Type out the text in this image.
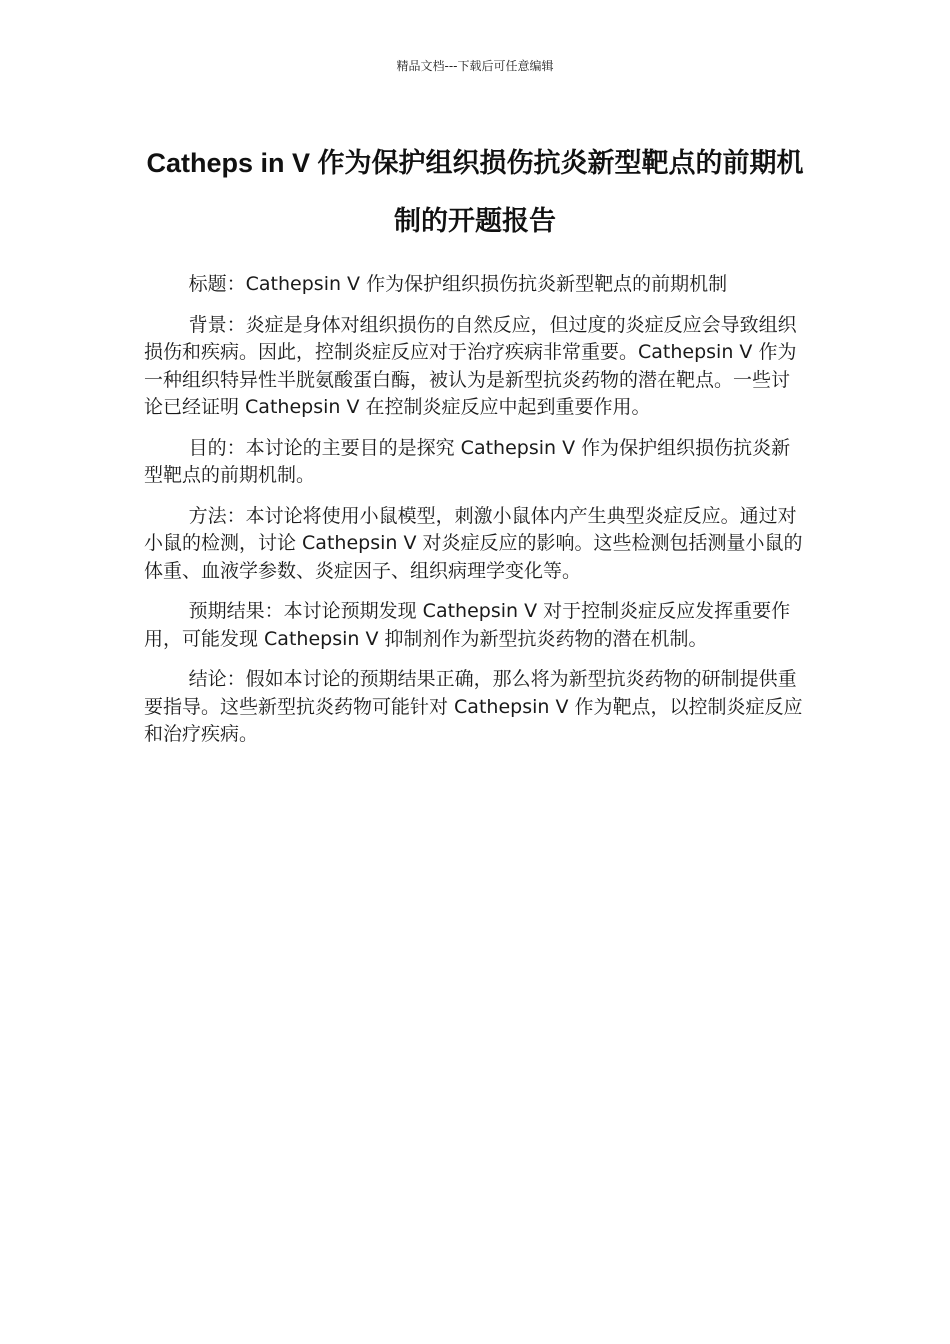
精品文档---下载后可任意编辑
Catheps in V 作为保护组织损伤抗炎新型靶点的前期机制的开题报告

标题：Cathepsin V 作为保护组织损伤抗炎新型靶点的前期机制

背景：炎症是身体对组织损伤的自然反应，但过度的炎症反应会导致组织损伤和疾病。因此，控制炎症反应对于治疗疾病非常重要。Cathepsin V 作为一种组织特异性半胱氨酸蛋白酶，被认为是新型抗炎药物的潜在靶点。一些讨论已经证明 Cathepsin V 在控制炎症反应中起到重要作用。

目的：本讨论的主要目的是探究 Cathepsin V 作为保护组织损伤抗炎新型靶点的前期机制。

方法：本讨论将使用小鼠模型，刺激小鼠体内产生典型炎症反应。通过对小鼠的检测，讨论 Cathepsin V 对炎症反应的影响。这些检测包括测量小鼠的体重、血液学参数、炎症因子、组织病理学变化等。

预期结果：本讨论预期发现 Cathepsin V 对于控制炎症反应发挥重要作用，可能发现 Cathepsin V 抑制剂作为新型抗炎药物的潜在机制。

结论：假如本讨论的预期结果正确，那么将为新型抗炎药物的研制提供重要指导。这些新型抗炎药物可能针对 Cathepsin V 作为靶点，以控制炎症反应和治疗疾病。
